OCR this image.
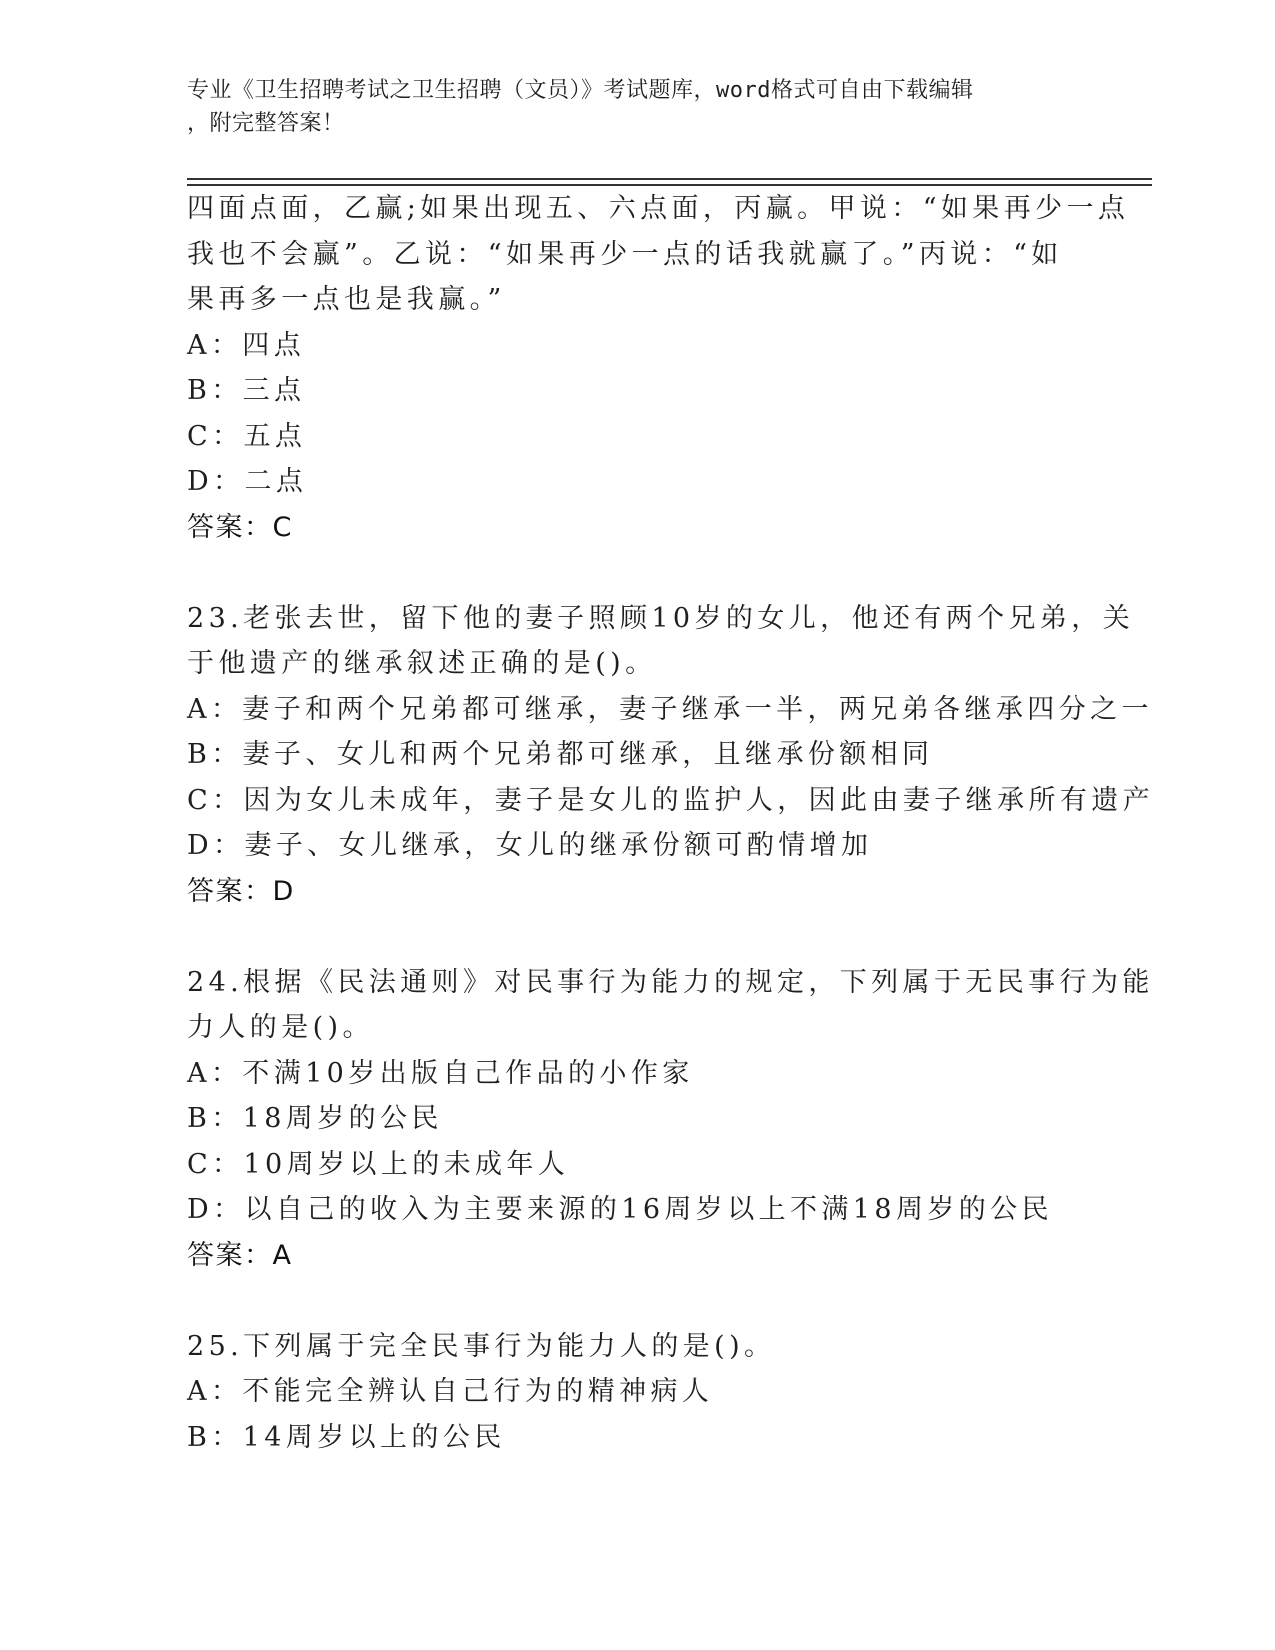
专业《卫生招聘考试之卫生招聘（文员）》考试题库，word格式可自由下载编辑
，附完整答案！
四面点面，乙赢;如果出现五、六点面，丙赢。甲说：“如果再少一点
我也不会赢”。乙说：“如果再少一点的话我就赢了。”丙说：“如
果再多一点也是我赢。”
A：四点
B：三点
C：五点
D：二点
答案：C
23.老张去世，留下他的妻子照顾10岁的女儿，他还有两个兄弟，关
于他遗产的继承叙述正确的是()。
A：妻子和两个兄弟都可继承，妻子继承一半，两兄弟各继承四分之一
B：妻子、女儿和两个兄弟都可继承，且继承份额相同
C：因为女儿未成年，妻子是女儿的监护人，因此由妻子继承所有遗产
D：妻子、女儿继承，女儿的继承份额可酌情增加
答案：D
24.根据《民法通则》对民事行为能力的规定，下列属于无民事行为能
力人的是()。
A：不满10岁出版自己作品的小作家
B：18周岁的公民
C：10周岁以上的未成年人
D：以自己的收入为主要来源的16周岁以上不满18周岁的公民
答案：A
25.下列属于完全民事行为能力人的是()。
A：不能完全辨认自己行为的精神病人
B：14周岁以上的公民
